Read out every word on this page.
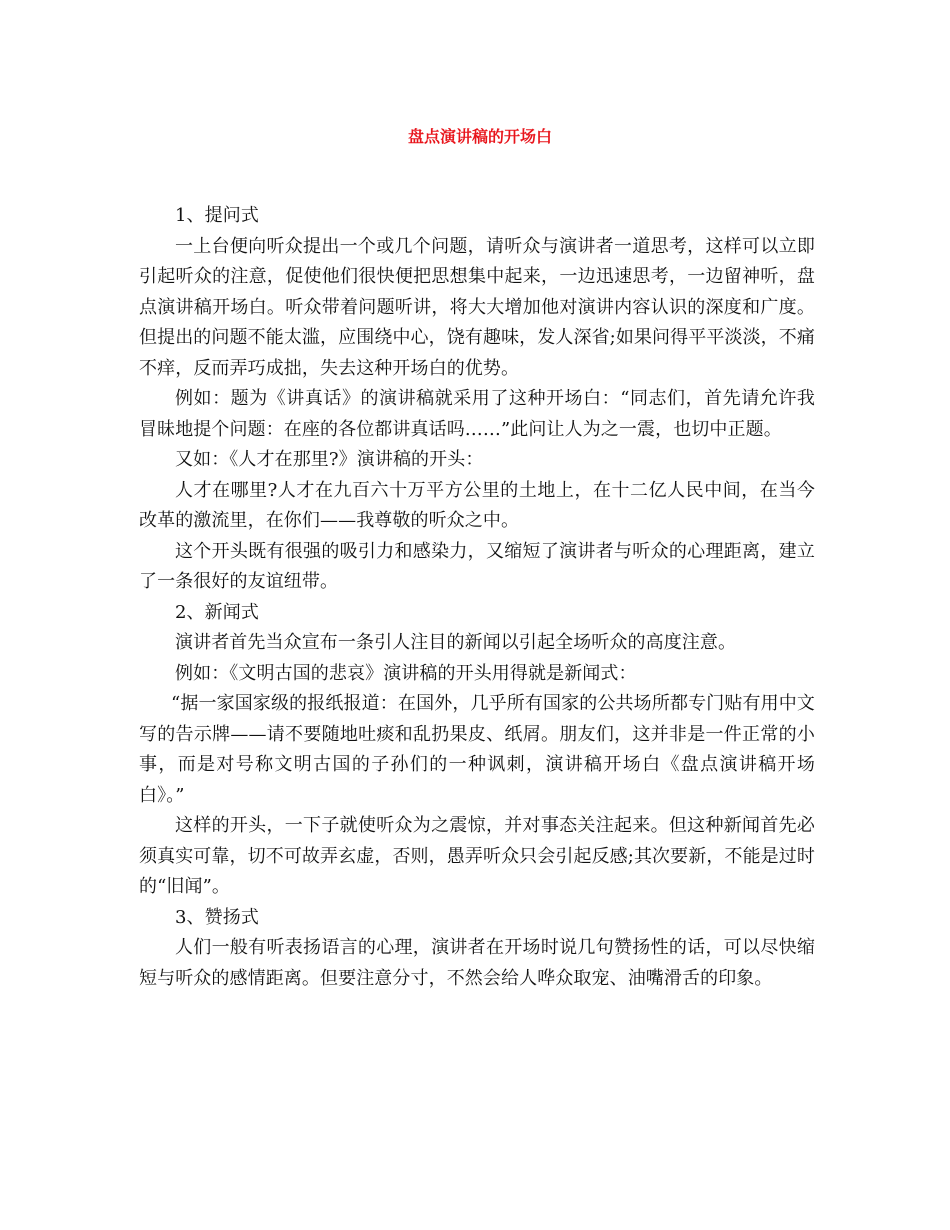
盘点演讲稿的开场白

1、提问式

一上台便向听众提出一个或几个问题，请听众与演讲者一道思考，这样可以立即引起听众的注意，促使他们很快便把思想集中起来，一边迅速思考，一边留神听，盘点演讲稿开场白。听众带着问题听讲，将大大增加他对演讲内容认识的深度和广度。但提出的问题不能太滥，应围绕中心，饶有趣味，发人深省;如果问得平平淡淡，不痛不痒，反而弄巧成拙，失去这种开场白的优势。

例如：题为《讲真话》的演讲稿就采用了这种开场白：“同志们，首先请允许我冒昧地提个问题：在座的各位都讲真话吗……”此问让人为之一震，也切中正题。

又如：《人才在那里?》演讲稿的开头：

人才在哪里?人才在九百六十万平方公里的土地上，在十二亿人民中间，在当今改革的激流里，在你们——我尊敬的听众之中。

这个开头既有很强的吸引力和感染力，又缩短了演讲者与听众的心理距离，建立了一条很好的友谊纽带。

2、新闻式

演讲者首先当众宣布一条引人注目的新闻以引起全场听众的高度注意。

例如：《文明古国的悲哀》演讲稿的开头用得就是新闻式：

“据一家国家级的报纸报道：在国外，几乎所有国家的公共场所都专门贴有用中文写的告示牌——请不要随地吐痰和乱扔果皮、纸屑。朋友们，这并非是一件正常的小事，而是对号称文明古国的子孙们的一种讽刺，演讲稿开场白《盘点演讲稿开场白》。”

这样的开头，一下子就使听众为之震惊，并对事态关注起来。但这种新闻首先必须真实可靠，切不可故弄玄虚，否则，愚弄听众只会引起反感;其次要新，不能是过时的“旧闻”。

3、赞扬式

人们一般有听表扬语言的心理，演讲者在开场时说几句赞扬性的话，可以尽快缩短与听众的感情距离。但要注意分寸，不然会给人哗众取宠、油嘴滑舌的印象。
